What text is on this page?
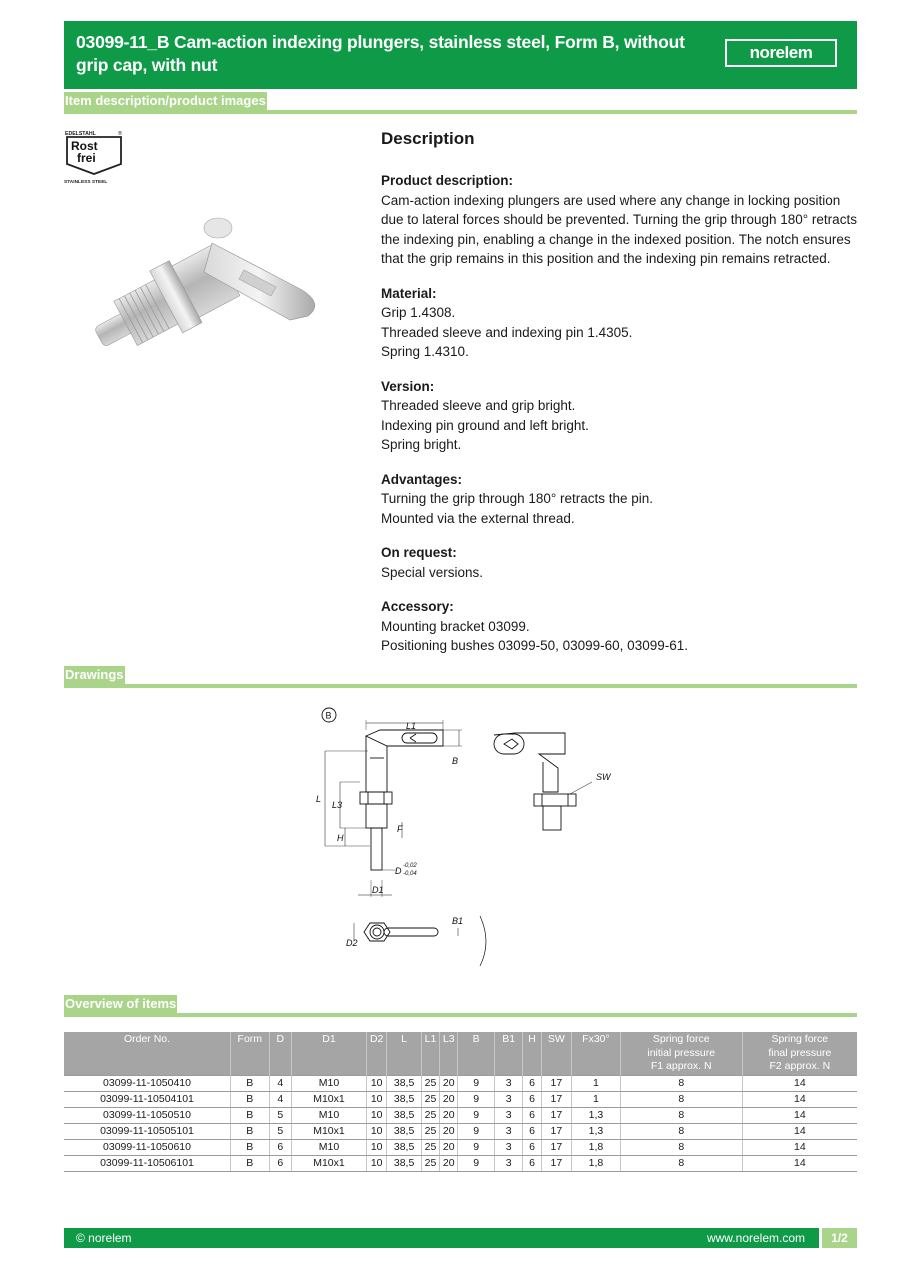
03099-11_B Cam-action indexing plungers, stainless steel, Form B, without grip cap, with nut
norelem
Item description/product images
EDELSTAHL	®
Rost
frei
STAINLESS STEEL
Description
Product description:

Cam-action indexing plungers are used where any change in locking position due to lateral forces should be prevented. Turning the grip through 180° retracts the indexing pin, enabling a change in the indexed position. The notch ensures that the grip remains in this position and the indexing pin remains retracted.

Material:

Grip 1.4308.

Threaded sleeve and indexing pin 1.4305.

Spring 1.4310.

Version:

Threaded sleeve and grip bright.

Indexing pin ground and left bright.

Spring bright.

Advantages:

Turning the grip through 180° retracts the pin.

Mounted via the external thread.

On request:

Special versions.

Accessory:

Mounting bracket 03099.

Positioning bushes 03099-50, 03099-60, 03099-61.

Drawings
B
L1
L
L3
H
B
F
D -0,02
-0,04
D1
D2
B1
SW
Overview of items
Order No.	Form	D	D1	D2	L	L1	L3	B	B1	H	SW	Fx30°	Spring force
initial pressure
F1 approx. N	Spring force
final pressure
F2 approx. N
03099-11-1050410	B	4	M10	10	38,5	25	20	9	3	6	17	1	8	14
03099-11-10504101	B	4	M10x1	10	38,5	25	20	9	3	6	17	1	8	14
03099-11-1050510	B	5	M10	10	38,5	25	20	9	3	6	17	1,3	8	14
03099-11-10505101	B	5	M10x1	10	38,5	25	20	9	3	6	17	1,3	8	14
03099-11-1050610	B	6	M10	10	38,5	25	20	9	3	6	17	1,8	8	14
03099-11-10506101	B	6	M10x1	10	38,5	25	20	9	3	6	17	1,8	8	14
© norelem	www.norelem.com	1/2
